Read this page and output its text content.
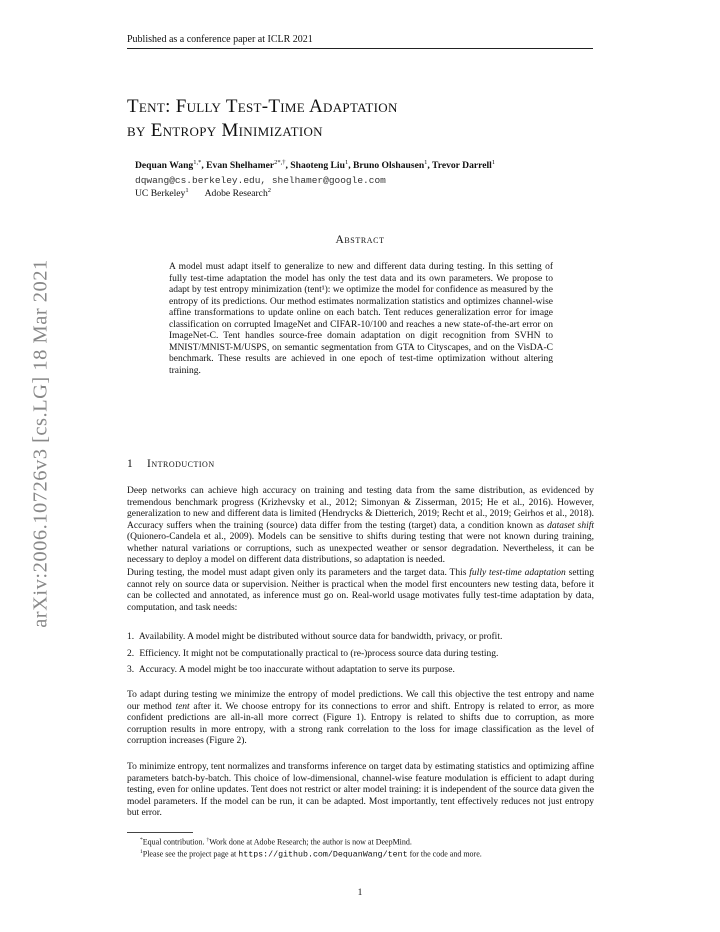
Published as a conference paper at ICLR 2021
Tent: Fully Test-Time Adaptation
by Entropy Minimization
Dequan Wang$^{1,*}$, Evan Shelhamer$^{2*,\dagger}$, Shaoteng Liu$^1$, Bruno Olshausen$^1$, Trevor Darrell$^1$
dqwang@cs.berkeley.edu, shelhamer@google.com
UC Berkeley$^1$ Adobe Research$^2$
arXiv:2006.10726v3 [cs.LG] 18 Mar 2021
Abstract
A model must adapt itself to generalize to new and different data during testing. In this setting of fully test-time adaptation the model has only the test data and its own parameters. We propose to adapt by test entropy minimization (tent¹): we optimize the model for confidence as measured by the entropy of its predictions. Our method estimates normalization statistics and optimizes channel-wise affine transformations to update online on each batch. Tent reduces generalization error for image classification on corrupted ImageNet and CIFAR-10/100 and reaches a new state-of-the-art error on ImageNet-C. Tent handles source-free domain adaptation on digit recognition from SVHN to MNIST/MNIST-M/USPS, on semantic segmentation from GTA to Cityscapes, and on the VisDA-C benchmark. These results are achieved in one epoch of test-time optimization without altering training.
1 Introduction
Deep networks can achieve high accuracy on training and testing data from the same distribution, as evidenced by tremendous benchmark progress (Krizhevsky et al., 2012; Simonyan & Zisserman, 2015; He et al., 2016). However, generalization to new and different data is limited (Hendrycks & Dietterich, 2019; Recht et al., 2019; Geirhos et al., 2018). Accuracy suffers when the training (source) data differ from the testing (target) data, a condition known as dataset shift (Quionero-Candela et al., 2009). Models can be sensitive to shifts during testing that were not known during training, whether natural variations or corruptions, such as unexpected weather or sensor degradation. Nevertheless, it can be necessary to deploy a model on different data distributions, so adaptation is needed.
During testing, the model must adapt given only its parameters and the target data. This fully test-time adaptation setting cannot rely on source data or supervision. Neither is practical when the model first encounters new testing data, before it can be collected and annotated, as inference must go on. Real-world usage motivates fully test-time adaptation by data, computation, and task needs:
1. Availability. A model might be distributed without source data for bandwidth, privacy, or profit.
2. Efficiency. It might not be computationally practical to (re-)process source data during testing.
3. Accuracy. A model might be too inaccurate without adaptation to serve its purpose.
To adapt during testing we minimize the entropy of model predictions. We call this objective the test entropy and name our method tent after it. We choose entropy for its connections to error and shift. Entropy is related to error, as more confident predictions are all-in-all more correct (Figure 1). Entropy is related to shifts due to corruption, as more corruption results in more entropy, with a strong rank correlation to the loss for image classification as the level of corruption increases (Figure 2).
To minimize entropy, tent normalizes and transforms inference on target data by estimating statistics and optimizing affine parameters batch-by-batch. This choice of low-dimensional, channel-wise feature modulation is efficient to adapt during testing, even for online updates. Tent does not restrict or alter model training: it is independent of the source data given the model parameters. If the model can be run, it can be adapted. Most importantly, tent effectively reduces not just entropy but error.
*Equal contribution. †Work done at Adobe Research; the author is now at DeepMind.
$^1$Please see the project page at https://github.com/DequanWang/tent for the code and more.
1
